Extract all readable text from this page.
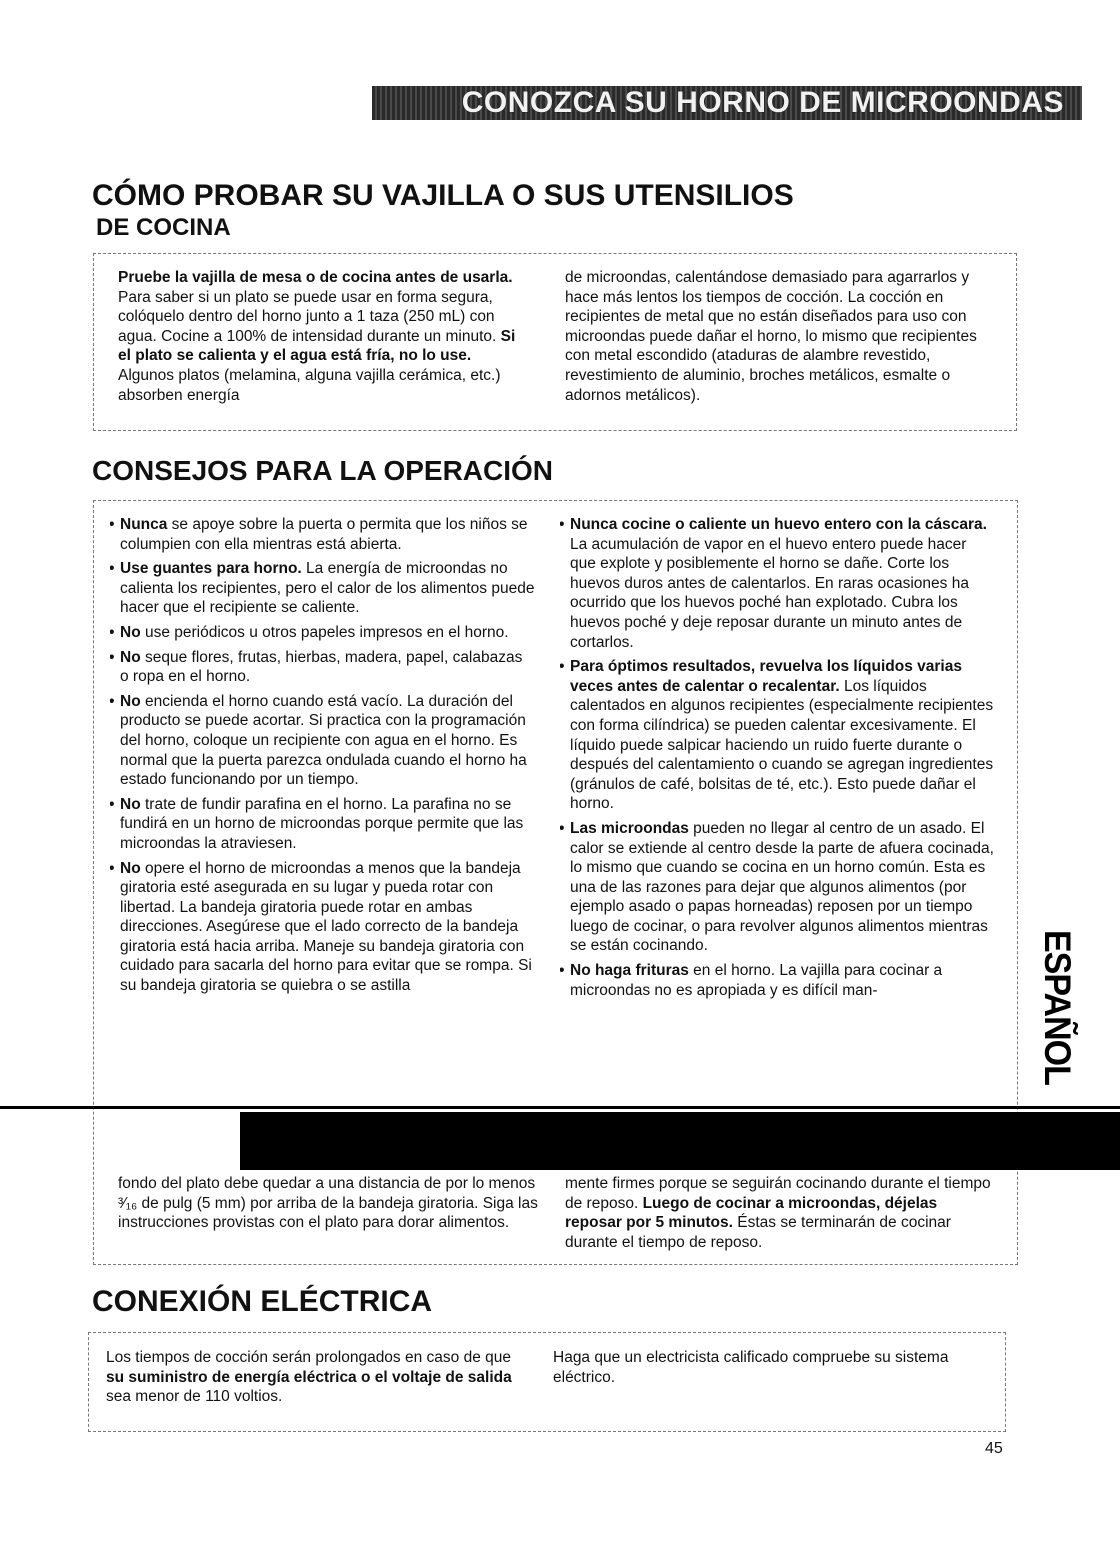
CONOZCA SU HORNO DE MICROONDAS
CÓMO PROBAR SU VAJILLA O SUS UTENSILIOS
DE COCINA

Pruebe la vajilla de mesa o de cocina antes de usarla. Para saber si un plato se puede usar en forma segura, colóquelo dentro del horno junto a 1 taza (250 mL) con agua. Cocine a 100% de intensidad durante un minuto. Si el plato se calienta y el agua está fría, no lo use. Algunos platos (melamina, alguna vajilla cerámica, etc.) absorben energía

de microondas, calentándose demasiado para agarrarlos y hace más lentos los tiempos de cocción. La cocción en recipientes de metal que no están diseñados para uso con microondas puede dañar el horno, lo mismo que recipientes con metal escondido (ataduras de alambre revestido, revestimiento de aluminio, broches metálicos, esmalte o adornos metálicos).

CONSEJOS PARA LA OPERACIÓN
• Nunca se apoye sobre la puerta o permita que los niños se columpien con ella mientras está abierta.
• Use guantes para horno. La energía de microondas no calienta los recipientes, pero el calor de los alimentos puede hacer que el recipiente se caliente.
• No use periódicos u otros papeles impresos en el horno.
• No seque flores, frutas, hierbas, madera, papel, calabazas o ropa en el horno.
• No encienda el horno cuando está vacío. La duración del producto se puede acortar. Si practica con la programación del horno, coloque un recipiente con agua en el horno. Es normal que la puerta parezca ondulada cuando el horno ha estado funcionando por un tiempo.
• No trate de fundir parafina en el horno. La parafina no se fundirá en un horno de microondas porque permite que las microondas la atraviesen.
• No opere el horno de microondas a menos que la bandeja giratoria esté asegurada en su lugar y pueda rotar con libertad. La bandeja giratoria puede rotar en ambas direcciones. Asegúrese que el lado correcto de la bandeja giratoria está hacia arriba. Maneje su bandeja giratoria con cuidado para sacarla del horno para evitar que se rompa. Si su bandeja giratoria se quiebra o se astilla
• Nunca cocine o caliente un huevo entero con la cáscara. La acumulación de vapor en el huevo entero puede hacer que explote y posiblemente el horno se dañe. Corte los huevos duros antes de calentarlos. En raras ocasiones ha ocurrido que los huevos poché han explotado. Cubra los huevos poché y deje reposar durante un minuto antes de cortarlos.
• Para óptimos resultados, revuelva los líquidos varias veces antes de calentar o recalentar. Los líquidos calentados en algunos recipientes (especialmente recipientes con forma cilíndrica) se pueden calentar excesivamente. El líquido puede salpicar haciendo un ruido fuerte durante o después del calentamiento o cuando se agregan ingredientes (gránulos de café, bolsitas de té, etc.). Esto puede dañar el horno.
• Las microondas pueden no llegar al centro de un asado. El calor se extiende al centro desde la parte de afuera cocinada, lo mismo que cuando se cocina en un horno común. Esta es una de las razones para dejar que algunos alimentos (por ejemplo asado o papas horneadas) reposen por un tiempo luego de cocinar, o para revolver algunos alimentos mientras se están cocinando.
• No haga frituras en el horno. La vajilla para cocinar a microondas no es apropiada y es difícil man-

fondo del plato debe quedar a una distancia de por lo menos ³⁄₁₆ de pulg (5 mm) por arriba de la bandeja giratoria. Siga las instrucciones provistas con el plato para dorar alimentos.

mente firmes porque se seguirán cocinando durante el tiempo de reposo. Luego de cocinar a microondas, déjelas reposar por 5 minutos. Éstas se terminarán de cocinar durante el tiempo de reposo.

CONEXIÓN ELÉCTRICA

Los tiempos de cocción serán prolongados en caso de que su suministro de energía eléctrica o el voltaje de salida sea menor de 110 voltios.

Haga que un electricista calificado compruebe su sistema eléctrico.

ESPAÑOL
45
